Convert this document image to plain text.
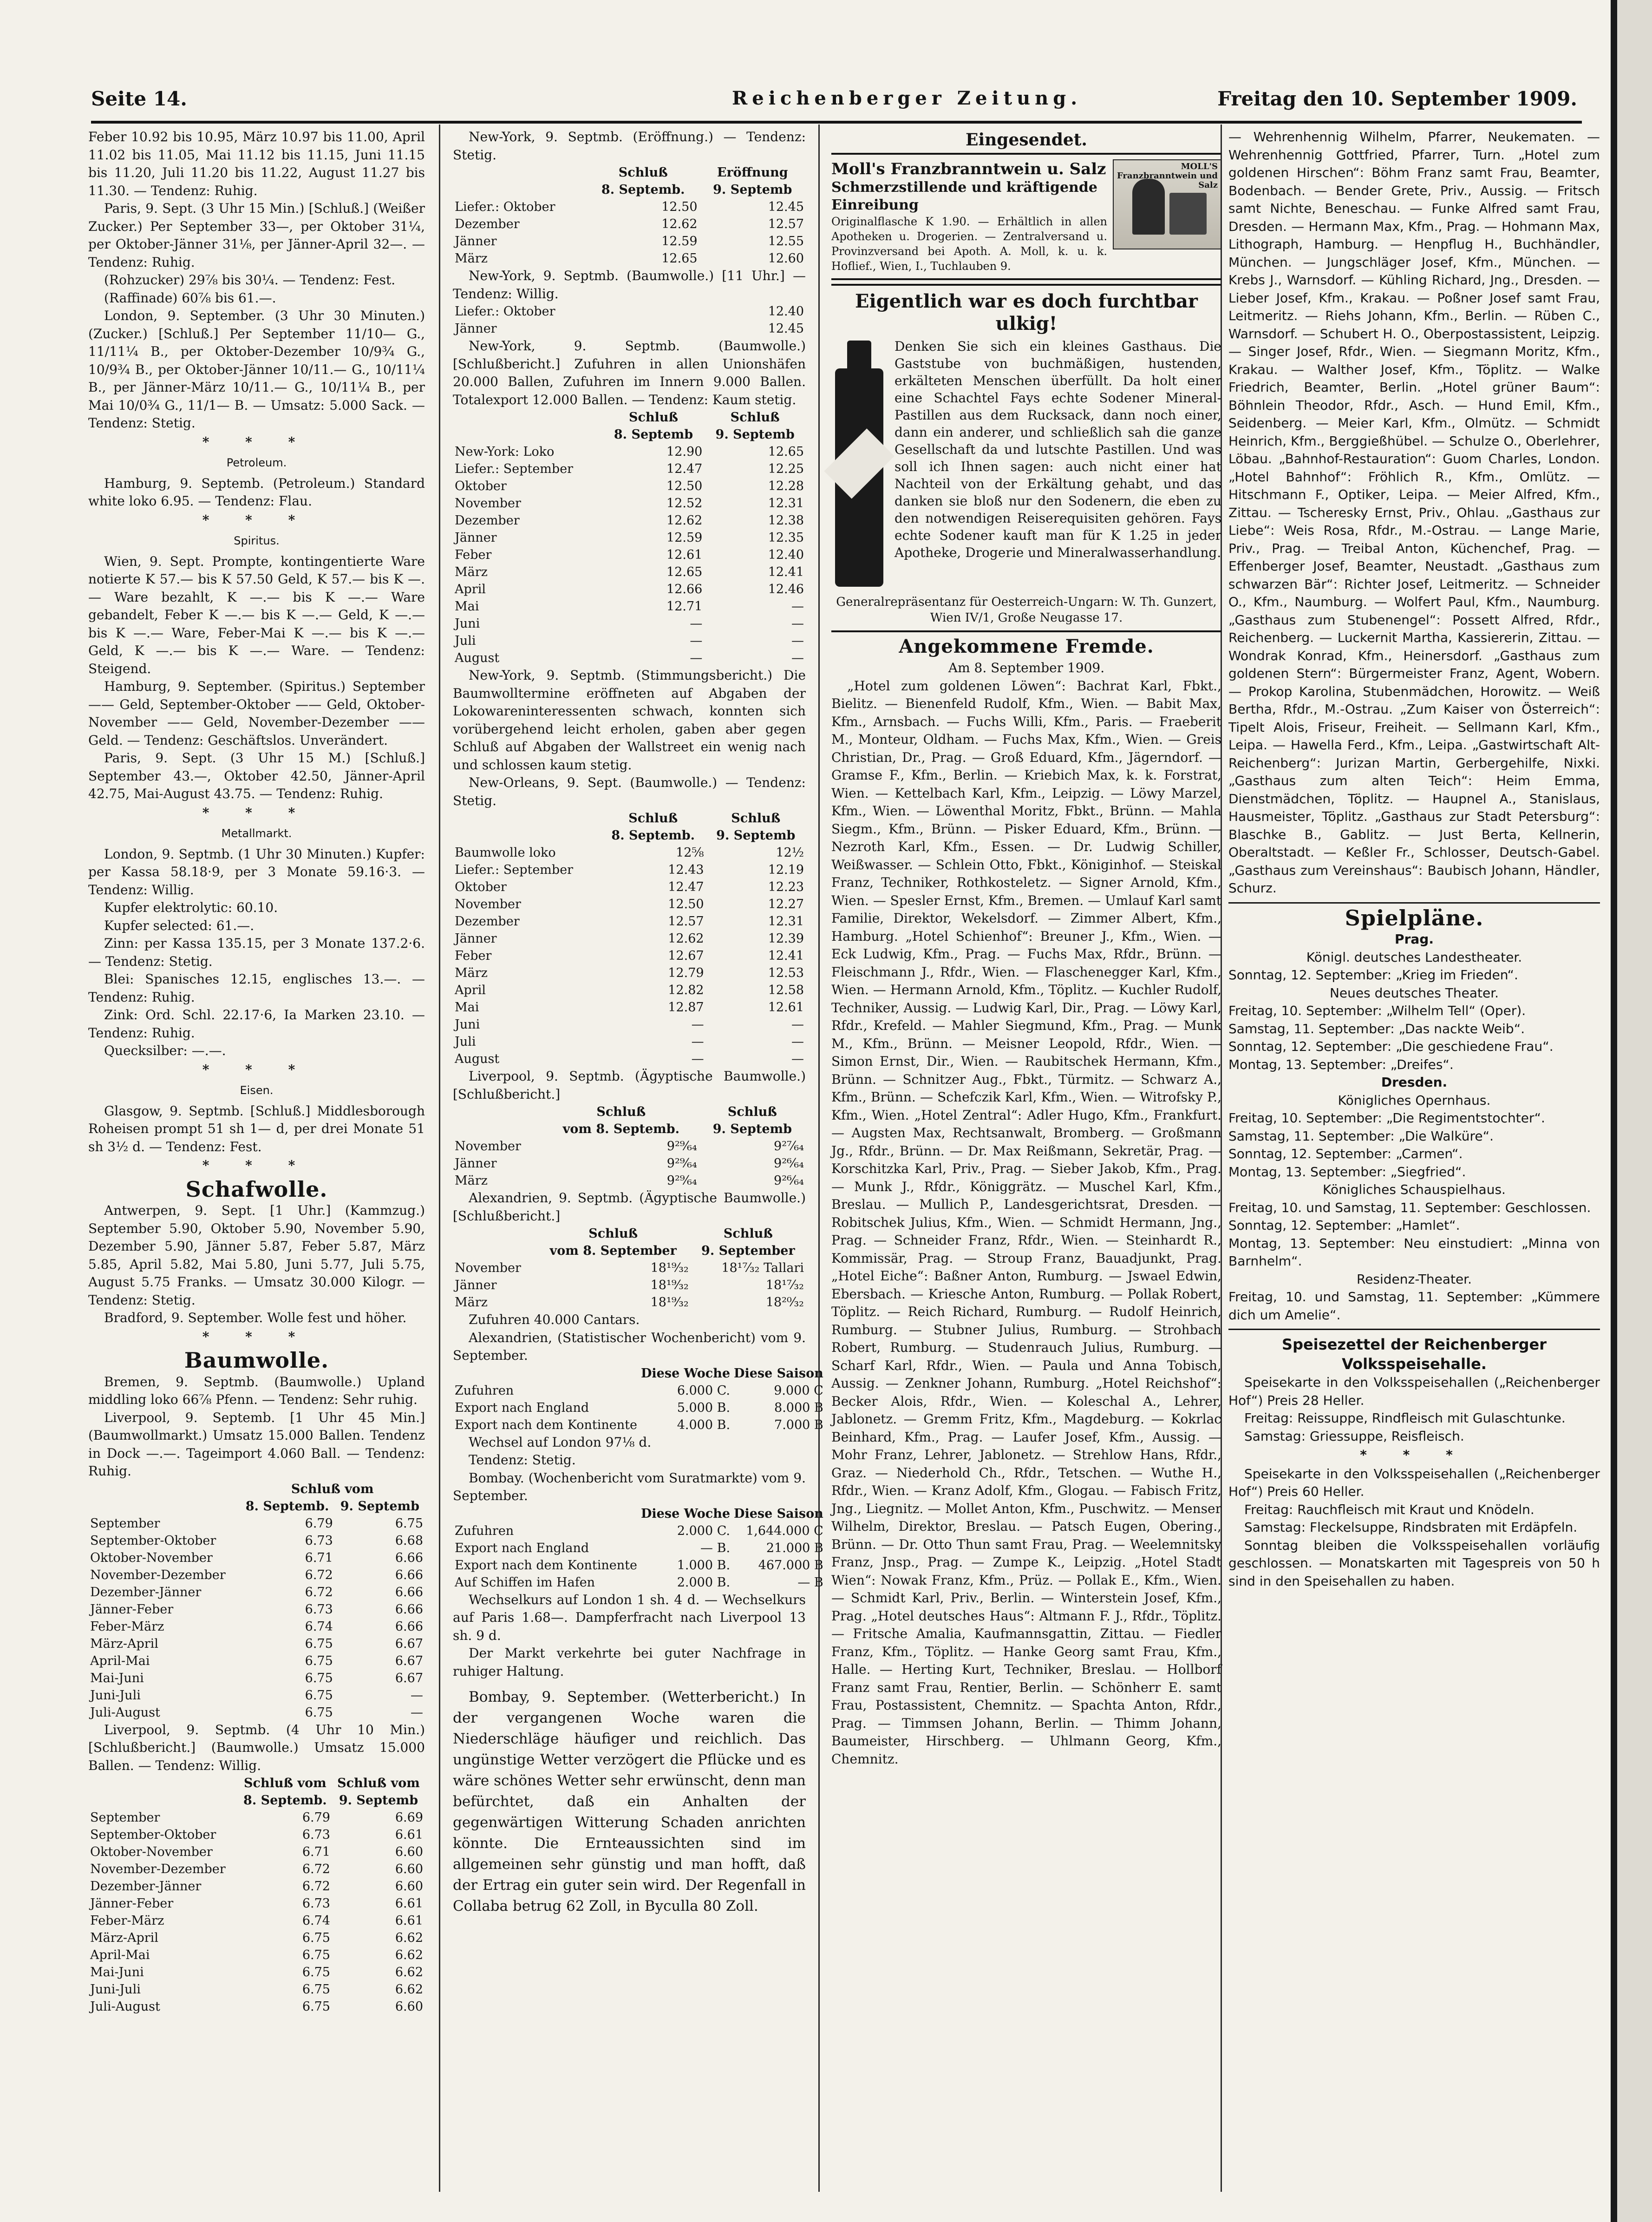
Seite 14.	Reichenberger Zeitung.	Freitag den 10. September 1909.

Feber 10.92 bis 10.95, März 10.97 bis 11.00, April 11.02 bis 11.05, Mai 11.12 bis 11.15, Juni 11.15 bis 11.20, Juli 11.20 bis 11.22, August 11.27 bis 11.30. — Tendenz: Ruhig.

Paris, 9. Sept. (3 Uhr 15 Min.) [Schluß.] (Weißer Zucker.) Per September 33—, per Oktober 31¼, per Oktober-Jänner 31⅛, per Jänner-April 32—. — Tendenz: Ruhig.

(Rohzucker) 29⅞ bis 30¼. — Tendenz: Fest.

(Raffinade) 60⅞ bis 61.—.

London, 9. September. (3 Uhr 30 Minuten.) (Zucker.) [Schluß.] Per September 11/10— G., 11/11¼ B., per Oktober-Dezember 10/9¾ G., 10/9¾ B., per Oktober-Jänner 10/11.— G., 10/11¼ B., per Jänner-März 10/11.— G., 10/11¼ B., per Mai 10/0¾ G., 11/1— B. — Umsatz: 5.000 Sack. — Tendenz: Stetig.

* * *
Petroleum.

Hamburg, 9. Septemb. (Petroleum.) Standard white loko 6.95. — Tendenz: Flau.

* * *
Spiritus.

Wien, 9. Sept. Prompte, kontingentierte Ware notierte K 57.— bis K 57.50 Geld, K 57.— bis K —.— Ware bezahlt, K —.— bis K —.— Ware gebandelt, Feber K —.— bis K —.— Geld, K —.— bis K —.— Ware, Feber-Mai K —.— bis K —.— Geld, K —.— bis K —.— Ware. — Tendenz: Steigend.

Hamburg, 9. September. (Spiritus.) September —— Geld, September-Oktober —— Geld, Oktober-November —— Geld, November-Dezember —— Geld. — Tendenz: Geschäftslos. Unverändert.

Paris, 9. Sept. (3 Uhr 15 M.) [Schluß.] September 43.—, Oktober 42.50, Jänner-April 42.75, Mai-August 43.75. — Tendenz: Ruhig.

* * *
Metallmarkt.

London, 9. Septmb. (1 Uhr 30 Minuten.) Kupfer: per Kassa 58.18·9, per 3 Monate 59.16·3. — Tendenz: Willig.

Kupfer elektrolytic: 60.10.

Kupfer selected: 61.—.

Zinn: per Kassa 135.15, per 3 Monate 137.2·6. — Tendenz: Stetig.

Blei: Spanisches 12.15, englisches 13.—. — Tendenz: Ruhig.

Zink: Ord. Schl. 22.17·6, Ia Marken 23.10. — Tendenz: Ruhig.

Quecksilber: —.—.

* * *
Eisen.

Glasgow, 9. Septmb. [Schluß.] Middlesborough Roheisen prompt 51 sh 1— d, per drei Monate 51 sh 3½ d. — Tendenz: Fest.

* * *
Schafwolle.

Antwerpen, 9. Sept. [1 Uhr.] (Kammzug.) September 5.90, Oktober 5.90, November 5.90, Dezember 5.90, Jänner 5.87, Feber 5.87, März 5.85, April 5.82, Mai 5.80, Juni 5.77, Juli 5.75, August 5.75 Franks. — Umsatz 30.000 Kilogr. — Tendenz: Stetig.

Bradford, 9. September. Wolle fest und höher.

* * *
Baumwolle.

Bremen, 9. Septmb. (Baumwolle.) Upland middling loko 66⅞ Pfenn. — Tendenz: Sehr ruhig.

Liverpool, 9. Septemb. [1 Uhr 45 Min.] (Baumwollmarkt.) Umsatz 15.000 Ballen. Tendenz in Dock —.—. Tageimport 4.060 Ball. — Tendenz: Ruhig.

	Schluß vom	
	8. Septemb.	9. Septemb
September	6.79	6.75
September-Oktober	6.73	6.68
Oktober-November	6.71	6.66
November-Dezember	6.72	6.66
Dezember-Jänner	6.72	6.66
Jänner-Feber	6.73	6.66
Feber-März	6.74	6.66
März-April	6.75	6.67
April-Mai	6.75	6.67
Mai-Juni	6.75	6.67
Juni-Juli	6.75	—
Juli-August	6.75	—

Liverpool, 9. Septmb. (4 Uhr 10 Min.) [Schlußbericht.] (Baumwolle.) Umsatz 15.000 Ballen. — Tendenz: Willig.

	Schluß vom	Schluß vom
	8. Septemb.	9. Septemb
September	6.79	6.69
September-Oktober	6.73	6.61
Oktober-November	6.71	6.60
November-Dezember	6.72	6.60
Dezember-Jänner	6.72	6.60
Jänner-Feber	6.73	6.61
Feber-März	6.74	6.61
März-April	6.75	6.62
April-Mai	6.75	6.62
Mai-Juni	6.75	6.62
Juni-Juli	6.75	6.62
Juli-August	6.75	6.60

New-York, 9. Septmb. (Eröffnung.) — Tendenz: Stetig.

	Schluß	Eröffnung
	8. Septemb.	9. Septemb
Liefer.: Oktober	12.50	12.45
Dezember	12.62	12.57
Jänner	12.59	12.55
März	12.65	12.60

New-York, 9. Septmb. (Baumwolle.) [11 Uhr.] — Tendenz: Willig.

Liefer.: Oktober	12.40
Jänner	12.45

New-York, 9. Septmb. (Baumwolle.) [Schlußbericht.] Zufuhren in allen Unionshäfen 20.000 Ballen, Zufuhren im Innern 9.000 Ballen. Totalexport 12.000 Ballen. — Tendenz: Kaum stetig.

	Schluß	Schluß
	8. Septemb	9. Septemb
New-York: Loko	12.90	12.65
Liefer.: September	12.47	12.25
Oktober	12.50	12.28
November	12.52	12.31
Dezember	12.62	12.38
Jänner	12.59	12.35
Feber	12.61	12.40
März	12.65	12.41
April	12.66	12.46
Mai	12.71	—
Juni	—	—
Juli	—	—
August	—	—

New-York, 9. Septmb. (Stimmungsbericht.) Die Baumwolltermine eröffneten auf Abgaben der Lokowareninteressenten schwach, konnten sich vorübergehend leicht erholen, gaben aber gegen Schluß auf Abgaben der Wallstreet ein wenig nach und schlossen kaum stetig.

New-Orleans, 9. Sept. (Baumwolle.) — Tendenz: Stetig.

	Schluß	Schluß
	8. Septemb.	9. Septemb
Baumwolle loko	12⅝	12½
Liefer.: September	12.43	12.19
Oktober	12.47	12.23
November	12.50	12.27
Dezember	12.57	12.31
Jänner	12.62	12.39
Feber	12.67	12.41
März	12.79	12.53
April	12.82	12.58
Mai	12.87	12.61
Juni	—	—
Juli	—	—
August	—	—

Liverpool, 9. Septmb. (Ägyptische Baumwolle.) [Schlußbericht.]

	Schluß	Schluß
	vom 8. Septemb.	9. Septemb
November	9²⁹⁄₆₄	9²⁷⁄₆₄
Jänner	9²⁹⁄₆₄	9²⁶⁄₆₄
März	9²⁹⁄₆₄	9²⁶⁄₆₄

Alexandrien, 9. Septmb. (Ägyptische Baumwolle.) [Schlußbericht.]

	Schluß	Schluß
	vom 8. September	9. September
November	18¹⁹⁄₃₂	18¹⁷⁄₃₂ Tallari
Jänner	18¹⁹⁄₃₂	18¹⁷⁄₃₂
März	18¹⁹⁄₃₂	18²⁰⁄₃₂

Zufuhren 40.000 Cantars.

Alexandrien, (Statistischer Wochenbericht) vom 9. September.

	Diese Woche	Diese Saison
Zufuhren	6.000 C.	9.000 C
Export nach England	5.000 B.	8.000 B
Export nach dem Kontinente	4.000 B.	7.000 B

Wechsel auf London 97⅛ d.

Tendenz: Stetig.

Bombay. (Wochenbericht vom Suratmarkte) vom 9. September.

	Diese Woche	Diese Saison
Zufuhren	2.000 C.	1,644.000 C
Export nach England	— B.	21.000 B
Export nach dem Kontinente	1.000 B.	467.000 B
Auf Schiffen im Hafen	2.000 B.	— B

Wechselkurs auf London 1 sh. 4 d. — Wechselkurs auf Paris 1.68—. Dampferfracht nach Liverpool 13 sh. 9 d.

Der Markt verkehrte bei guter Nachfrage in ruhiger Haltung.

Bombay, 9. September. (Wetterbericht.) In der vergangenen Woche waren die Niederschläge häufiger und reichlich. Das ungünstige Wetter verzögert die Pflücke und es wäre schönes Wetter sehr erwünscht, denn man befürchtet, daß ein Anhalten der gegenwärtigen Witterung Schaden anrichten könnte. Die Ernteaussichten sind im allgemeinen sehr günstig und man hofft, daß der Ertrag ein guter sein wird. Der Regenfall in Collaba betrug 62 Zoll, in Byculla 80 Zoll.

Eingesendet.
MOLL'S Franzbranntwein und Salz
Moll's Franzbranntwein u. Salz
Schmerzstillende und kräftigende Einreibung

Originalflasche K 1.90. — Erhältlich in allen Apotheken u. Drogerien. — Zentralversand u. Provinzversand bei Apoth. A. Moll, k. u. k. Hoflief., Wien, I., Tuchlauben 9.

Eigentlich war es doch furchtbar ulkig!

Denken Sie sich ein kleines Gasthaus. Die Gaststube von buchmäßigen, hustenden, erkälteten Menschen überfüllt. Da holt einer eine Schachtel Fays echte Sodener Mineral-Pastillen aus dem Rucksack, dann noch einer, dann ein anderer, und schließlich sah die ganze Gesellschaft da und lutschte Pastillen. Und was soll ich Ihnen sagen: auch nicht einer hat Nachteil von der Erkältung gehabt, und das danken sie bloß nur den Sodenern, die eben zu den notwendigen Reiserequisiten gehören. Fays echte Sodener kauft man für K 1.25 in jeder Apotheke, Drogerie und Mineralwasserhandlung.

Generalrepräsentanz für Oesterreich-Ungarn: W. Th. Gunzert, Wien IV/1, Große Neugasse 17.

Angekommene Fremde.
Am 8. September 1909.

„Hotel zum goldenen Löwen“: Bachrat Karl, Fbkt., Bielitz. — Bienenfeld Rudolf, Kfm., Wien. — Babit Max, Kfm., Arnsbach. — Fuchs Willi, Kfm., Paris. — Fraeberit M., Monteur, Oldham. — Fuchs Max, Kfm., Wien. — Greis Christian, Dr., Prag. — Groß Eduard, Kfm., Jägerndorf. — Gramse F., Kfm., Berlin. — Kriebich Max, k. k. Forstrat, Wien. — Kettelbach Karl, Kfm., Leipzig. — Löwy Marzel, Kfm., Wien. — Löwenthal Moritz, Fbkt., Brünn. — Mahla Siegm., Kfm., Brünn. — Pisker Eduard, Kfm., Brünn. — Nezroth Karl, Kfm., Essen. — Dr. Ludwig Schiller, Weißwasser. — Schlein Otto, Fbkt., Königinhof. — Steiskal Franz, Techniker, Rothkosteletz. — Signer Arnold, Kfm., Wien. — Spesler Ernst, Kfm., Bremen. — Umlauf Karl samt Familie, Direktor, Wekelsdorf. — Zimmer Albert, Kfm., Hamburg. „Hotel Schienhof“: Breuner J., Kfm., Wien. — Eck Ludwig, Kfm., Prag. — Fuchs Max, Rfdr., Brünn. — Fleischmann J., Rfdr., Wien. — Flaschenegger Karl, Kfm., Wien. — Hermann Arnold, Kfm., Töplitz. — Kuchler Rudolf, Techniker, Aussig. — Ludwig Karl, Dir., Prag. — Löwy Karl, Rfdr., Krefeld. — Mahler Siegmund, Kfm., Prag. — Munk M., Kfm., Brünn. — Meisner Leopold, Rfdr., Wien. — Simon Ernst, Dir., Wien. — Raubitschek Hermann, Kfm., Brünn. — Schnitzer Aug., Fbkt., Türmitz. — Schwarz A., Kfm., Brünn. — Schefczik Karl, Kfm., Wien. — Witrofsky P., Kfm., Wien. „Hotel Zentral“: Adler Hugo, Kfm., Frankfurt. — Augsten Max, Rechtsanwalt, Bromberg. — Großmann Jg., Rfdr., Brünn. — Dr. Max Reißmann, Sekretär, Prag. — Korschitzka Karl, Priv., Prag. — Sieber Jakob, Kfm., Prag. — Munk J., Rfdr., Königgrätz. — Muschel Karl, Kfm., Breslau. — Mullich P., Landesgerichtsrat, Dresden. — Robitschek Julius, Kfm., Wien. — Schmidt Hermann, Jng., Prag. — Schneider Franz, Rfdr., Wien. — Steinhardt R., Kommissär, Prag. — Stroup Franz, Bauadjunkt, Prag. „Hotel Eiche“: Baßner Anton, Rumburg. — Jswael Edwin, Ebersbach. — Kriesche Anton, Rumburg. — Pollak Robert, Töplitz. — Reich Richard, Rumburg. — Rudolf Heinrich, Rumburg. — Stubner Julius, Rumburg. — Strohbach Robert, Rumburg. — Studenrauch Julius, Rumburg. — Scharf Karl, Rfdr., Wien. — Paula und Anna Tobisch, Aussig. — Zenkner Johann, Rumburg. „Hotel Reichshof“: Becker Alois, Rfdr., Wien. — Koleschal A., Lehrer, Jablonetz. — Gremm Fritz, Kfm., Magdeburg. — Kokrlac Beinhard, Kfm., Prag. — Laufer Josef, Kfm., Aussig. — Mohr Franz, Lehrer, Jablonetz. — Strehlow Hans, Rfdr., Graz. — Niederhold Ch., Rfdr., Tetschen. — Wuthe H., Rfdr., Wien. — Kranz Adolf, Kfm., Glogau. — Fabisch Fritz, Jng., Liegnitz. — Mollet Anton, Kfm., Puschwitz. — Menser Wilhelm, Direktor, Breslau. — Patsch Eugen, Obering., Brünn. — Dr. Otto Thun samt Frau, Prag. — Weelemnitsky Franz, Jnsp., Prag. — Zumpe K., Leipzig. „Hotel Stadt Wien“: Nowak Franz, Kfm., Prüz. — Pollak E., Kfm., Wien. — Schmidt Karl, Priv., Berlin. — Winterstein Josef, Kfm., Prag. „Hotel deutsches Haus“: Altmann F. J., Rfdr., Töplitz. — Fritsche Amalia, Kaufmannsgattin, Zittau. — Fiedler Franz, Kfm., Töplitz. — Hanke Georg samt Frau, Kfm., Halle. — Herting Kurt, Techniker, Breslau. — Hollborf Franz samt Frau, Rentier, Berlin. — Schönherr E. samt Frau, Postassistent, Chemnitz. — Spachta Anton, Rfdr., Prag. — Timmsen Johann, Berlin. — Thimm Johann, Baumeister, Hirschberg. — Uhlmann Georg, Kfm., Chemnitz.

— Wehrenhennig Wilhelm, Pfarrer, Neukematen. — Wehrenhennig Gottfried, Pfarrer, Turn. „Hotel zum goldenen Hirschen“: Böhm Franz samt Frau, Beamter, Bodenbach. — Bender Grete, Priv., Aussig. — Fritsch samt Nichte, Beneschau. — Funke Alfred samt Frau, Dresden. — Hermann Max, Kfm., Prag. — Hohmann Max, Lithograph, Hamburg. — Henpflug H., Buchhändler, München. — Jungschläger Josef, Kfm., München. — Krebs J., Warnsdorf. — Kühling Richard, Jng., Dresden. — Lieber Josef, Kfm., Krakau. — Poßner Josef samt Frau, Leitmeritz. — Riehs Johann, Kfm., Berlin. — Rüben C., Warnsdorf. — Schubert H. O., Oberpostassistent, Leipzig. — Singer Josef, Rfdr., Wien. — Siegmann Moritz, Kfm., Krakau. — Walther Josef, Kfm., Töplitz. — Walke Friedrich, Beamter, Berlin. „Hotel grüner Baum“: Böhnlein Theodor, Rfdr., Asch. — Hund Emil, Kfm., Seidenberg. — Meier Karl, Kfm., Olmütz. — Schmidt Heinrich, Kfm., Berggießhübel. — Schulze O., Oberlehrer, Löbau. „Bahnhof-Restauration“: Guom Charles, London. „Hotel Bahnhof“: Fröhlich R., Kfm., Omlütz. — Hitschmann F., Optiker, Leipa. — Meier Alfred, Kfm., Zittau. — Tscheresky Ernst, Priv., Ohlau. „Gasthaus zur Liebe“: Weis Rosa, Rfdr., M.-Ostrau. — Lange Marie, Priv., Prag. — Treibal Anton, Küchenchef, Prag. — Effenberger Josef, Beamter, Neustadt. „Gasthaus zum schwarzen Bär“: Richter Josef, Leitmeritz. — Schneider O., Kfm., Naumburg. — Wolfert Paul, Kfm., Naumburg. „Gasthaus zum Stubenengel“: Possett Alfred, Rfdr., Reichenberg. — Luckernit Martha, Kassiererin, Zittau. — Wondrak Konrad, Kfm., Heinersdorf. „Gasthaus zum goldenen Stern“: Bürgermeister Franz, Agent, Wobern. — Prokop Karolina, Stubenmädchen, Horowitz. — Weiß Bertha, Rfdr., M.-Ostrau. „Zum Kaiser von Österreich“: Tipelt Alois, Friseur, Freiheit. — Sellmann Karl, Kfm., Leipa. — Hawella Ferd., Kfm., Leipa. „Gastwirtschaft Alt-Reichenberg“: Jurizan Martin, Gerbergehilfe, Nixki. „Gasthaus zum alten Teich“: Heim Emma, Dienstmädchen, Töplitz. — Haupnel A., Stanislaus, Hausmeister, Töplitz. „Gasthaus zur Stadt Petersburg“: Blaschke B., Gablitz. — Just Berta, Kellnerin, Oberaltstadt. — Keßler Fr., Schlosser, Deutsch-Gabel. „Gasthaus zum Vereinshaus“: Baubisch Johann, Händler, Schurz.

Spielpläne.
Prag.
Königl. deutsches Landestheater.

Sonntag, 12. September: „Krieg im Frieden“.

Neues deutsches Theater.

Freitag, 10. September: „Wilhelm Tell“ (Oper).

Samstag, 11. September: „Das nackte Weib“.

Sonntag, 12. September: „Die geschiedene Frau“.

Montag, 13. September: „Dreifes“.

Dresden.
Königliches Opernhaus.

Freitag, 10. September: „Die Regimentstochter“.

Samstag, 11. September: „Die Walküre“.

Sonntag, 12. September: „Carmen“.

Montag, 13. September: „Siegfried“.

Königliches Schauspielhaus.

Freitag, 10. und Samstag, 11. September: Geschlossen.

Sonntag, 12. September: „Hamlet“.

Montag, 13. September: Neu einstudiert: „Minna von Barnhelm“.

Residenz-Theater.

Freitag, 10. und Samstag, 11. September: „Kümmere dich um Amelie“.

Speisezettel der Reichenberger Volksspeisehalle.

Speisekarte in den Volksspeisehallen („Reichenberger Hof“) Preis 28 Heller.

Freitag: Reissuppe, Rindfleisch mit Gulaschtunke.

Samstag: Griessuppe, Reisfleisch.

* * *

Speisekarte in den Volksspeisehallen („Reichenberger Hof“) Preis 60 Heller.

Freitag: Rauchfleisch mit Kraut und Knödeln.

Samstag: Fleckelsuppe, Rindsbraten mit Erdäpfeln.

Sonntag bleiben die Volksspeisehallen vorläufig geschlossen. — Monatskarten mit Tagespreis von 50 h sind in den Speisehallen zu haben.
